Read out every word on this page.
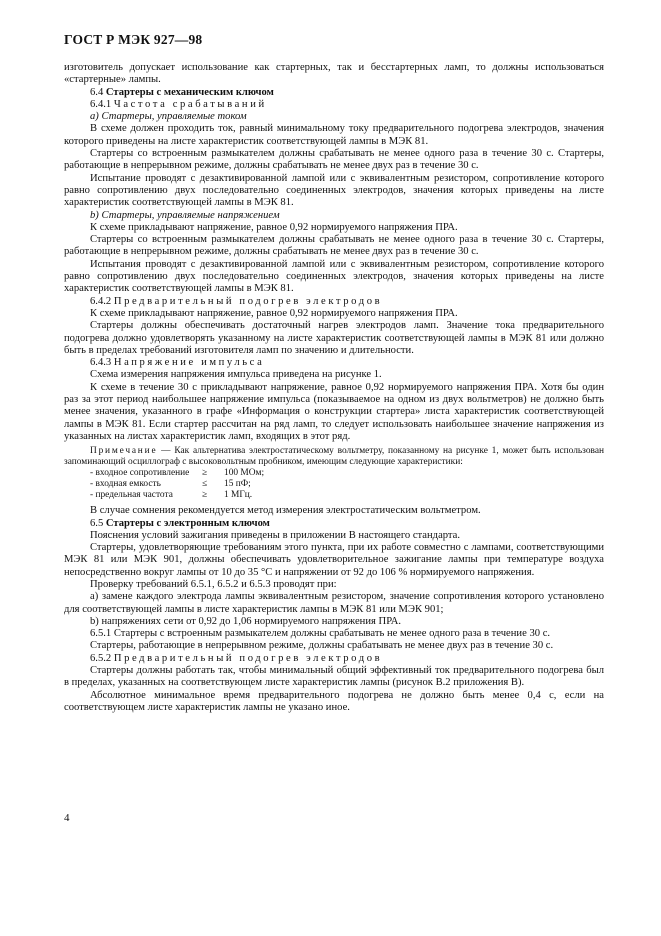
ГОСТ Р МЭК 927—98

изготовитель допускает использование как стартерных, так и бесстартерных ламп, то должны использоваться «стартерные» лампы.

6.4 Стартеры с механическим ключом

6.4.1 Частота срабатываний

а) Стартеры, управляемые током

В схеме должен проходить ток, равный минимальному току предварительного подогрева электродов, значения которого приведены на листе характеристик соответствующей лампы в МЭК 81.

Стартеры со встроенным размыкателем должны срабатывать не менее одного раза в течение 30 с. Стартеры, работающие в непрерывном режиме, должны срабатывать не менее двух раз в течение 30 с.

Испытание проводят с дезактивированной лампой или с эквивалентным резистором, сопротивление которого равно сопротивлению двух последовательно соединенных электродов, значения которых приведены на листе характеристик соответствующей лампы в МЭК 81.

b) Стартеры, управляемые напряжением

К схеме прикладывают напряжение, равное 0,92 нормируемого напряжения ПРА.

Стартеры со встроенным размыкателем должны срабатывать не менее одного раза в течение 30 с. Стартеры, работающие в непрерывном режиме, должны срабатывать не менее двух раз в течение 30 с.

Испытания проводят с дезактивированной лампой или с эквивалентным резистором, сопротивление которого равно сопротивлению двух последовательно соединенных электродов, значения которых приведены на листе характеристик соответствующей лампы в МЭК 81.

6.4.2 Предварительный подогрев электродов

К схеме прикладывают напряжение, равное 0,92 нормируемого напряжения ПРА.

Стартеры должны обеспечивать достаточный нагрев электродов ламп. Значение тока предварительного подогрева должно удовлетворять указанному на листе характеристик соответствующей лампы в МЭК 81 или должно быть в пределах требований изготовителя ламп по значению и длительности.

6.4.3 Напряжение импульса

Схема измерения напряжения импульса приведена на рисунке 1.

К схеме в течение 30 с прикладывают напряжение, равное 0,92 нормируемого напряжения ПРА. Хотя бы один раз за этот период наибольшее напряжение импульса (показываемое на одном из двух вольтметров) не должно быть менее значения, указанного в графе «Информация о конструкции стартера» листа характеристик соответствующей лампы в МЭК 81. Если стартер рассчитан на ряд ламп, то следует использовать наибольшее значение напряжения из указанных на листах характеристик ламп, входящих в этот ряд.

Примечание — Как альтернатива электростатическому вольтметру, показанному на рисунке 1, может быть использован запоминающий осциллограф с высоковольтным пробником, имеющим следующие характеристики:

- входное сопротивление	≥	100 МОм;
- входная емкость	≤	15 пФ;
- предельная частота	≥	1 МГц.

В случае сомнения рекомендуется метод измерения электростатическим вольтметром.

6.5 Стартеры с электронным ключом

Пояснения условий зажигания приведены в приложении В настоящего стандарта.

Стартеры, удовлетворяющие требованиям этого пункта, при их работе совместно с лампами, соответствующими МЭК 81 или МЭК 901, должны обеспечивать удовлетворительное зажигание лампы при температуре воздуха непосредственно вокруг лампы от 10 до 35 °С и напряжении от 92 до 106 % нормируемого напряжения.

Проверку требований 6.5.1, 6.5.2 и 6.5.3 проводят при:

а) замене каждого электрода лампы эквивалентным резистором, значение сопротивления которого установлено для соответствующей лампы в листе характеристик лампы в МЭК 81 или МЭК 901;

b) напряжениях сети от 0,92 до 1,06 нормируемого напряжения ПРА.

6.5.1 Стартеры с встроенным размыкателем должны срабатывать не менее одного раза в течение 30 с.

Стартеры, работающие в непрерывном режиме, должны срабатывать не менее двух раз в течение 30 с.

6.5.2 Предварительный подогрев электродов

Стартеры должны работать так, чтобы минимальный общий эффективный ток предварительного подогрева был в пределах, указанных на соответствующем листе характеристик лампы (рисунок В.2 приложения В).

Абсолютное минимальное время предварительного подогрева не должно быть менее 0,4 с, если на соответствующем листе характеристик лампы не указано иное.

4
